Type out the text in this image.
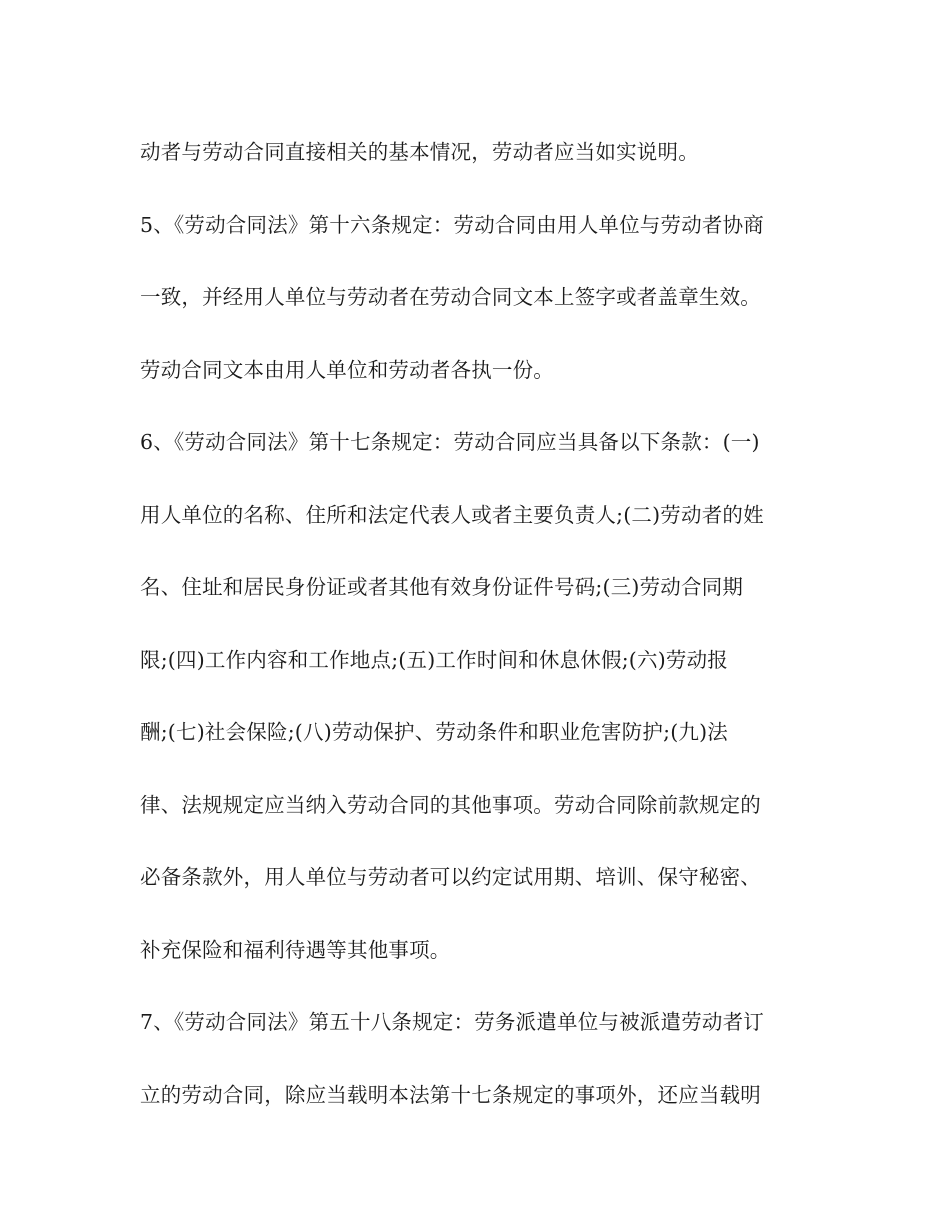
动者与劳动合同直接相关的基本情况，劳动者应当如实说明。
5、《劳动合同法》第十六条规定：劳动合同由用人单位与劳动者协商
一致，并经用人单位与劳动者在劳动合同文本上签字或者盖章生效。
劳动合同文本由用人单位和劳动者各执一份。
6、《劳动合同法》第十七条规定：劳动合同应当具备以下条款：(一)
用人单位的名称、住所和法定代表人或者主要负责人;(二)劳动者的姓
名、住址和居民身份证或者其他有效身份证件号码;(三)劳动合同期
限;(四)工作内容和工作地点;(五)工作时间和休息休假;(六)劳动报
酬;(七)社会保险;(八)劳动保护、劳动条件和职业危害防护;(九)法
律、法规规定应当纳入劳动合同的其他事项。劳动合同除前款规定的
必备条款外，用人单位与劳动者可以约定试用期、培训、保守秘密、
补充保险和福利待遇等其他事项。
7、《劳动合同法》第五十八条规定：劳务派遣单位与被派遣劳动者订
立的劳动合同，除应当载明本法第十七条规定的事项外，还应当载明
